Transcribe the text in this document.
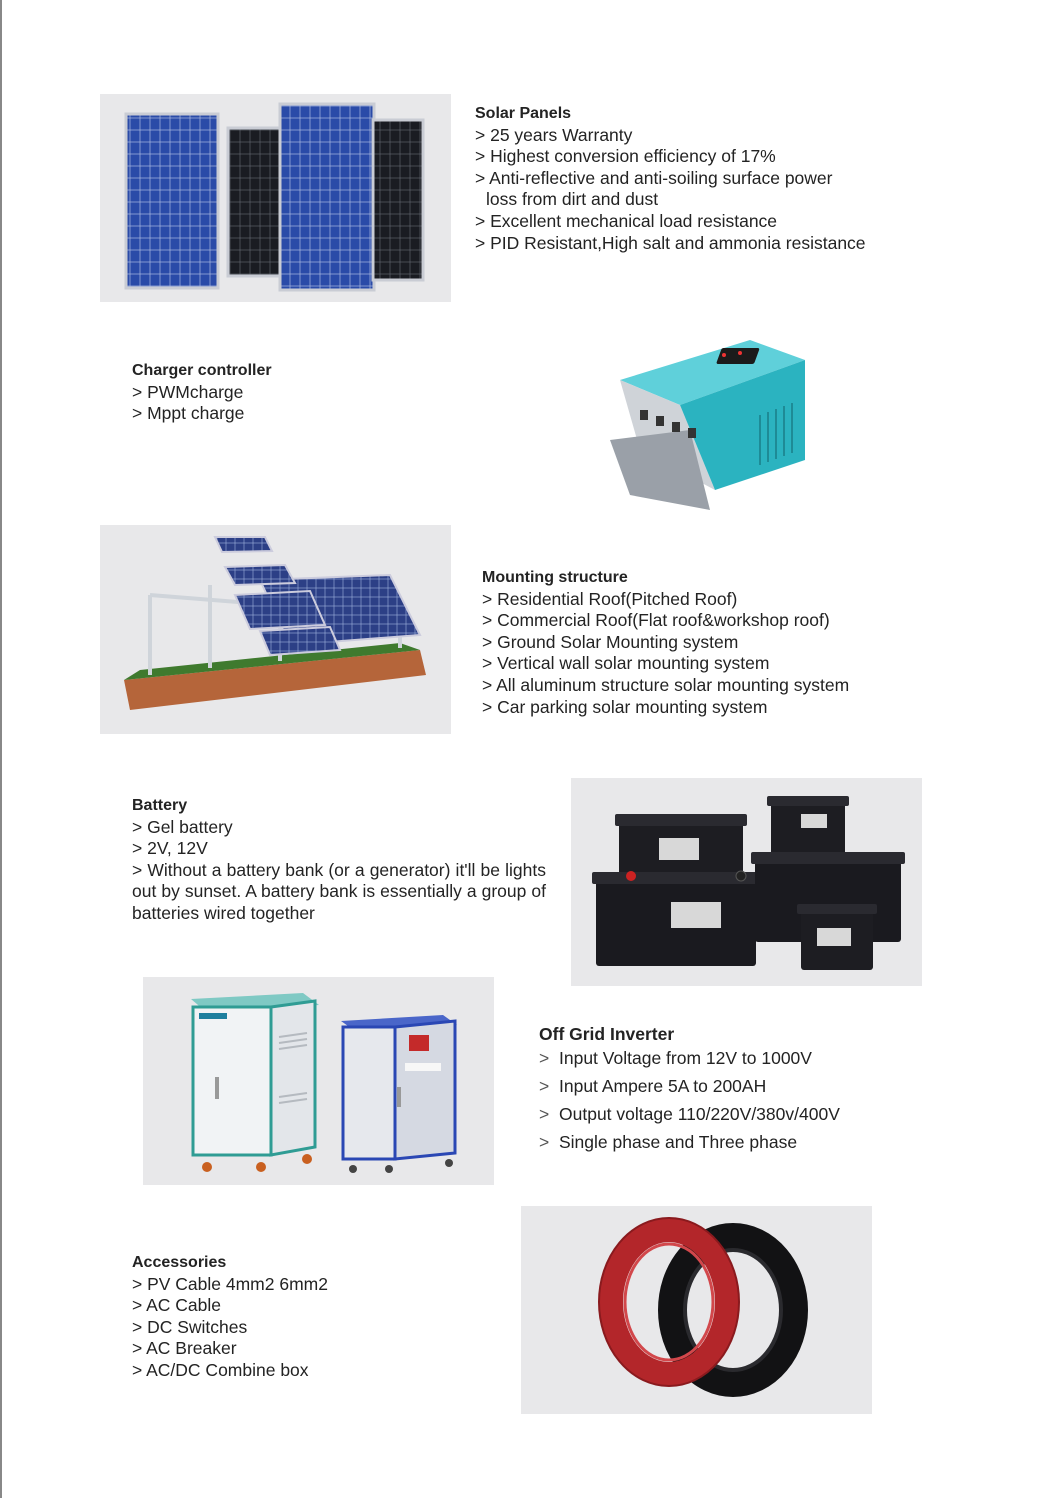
Solar Panels
> 25 years Warranty
> Highest conversion efficiency of 17%
> Anti-reflective and anti-soiling surface power
loss from dirt and dust
> Excellent mechanical load resistance
> PID Resistant,High salt and ammonia resistance
Charger controller
> PWMcharge
> Mppt charge
Mounting structure
> Residential Roof(Pitched Roof)
> Commercial Roof(Flat roof&workshop roof)
> Ground Solar Mounting system
> Vertical wall solar mounting system
> All aluminum structure solar mounting system
> Car parking solar mounting system
Battery
> Gel battery
> 2V, 12V
> Without a battery bank (or a generator) it'll be lights out by sunset. A battery bank is essentially a group of batteries wired together
Off Grid Inverter
> Input Voltage from 12V to 1000V
> Input Ampere 5A to 200AH
> Output voltage 110/220V/380v/400V
> Single phase and Three phase
Accessories
> PV Cable 4mm2 6mm2
> AC Cable
> DC Switches
> AC Breaker
> AC/DC Combine box
